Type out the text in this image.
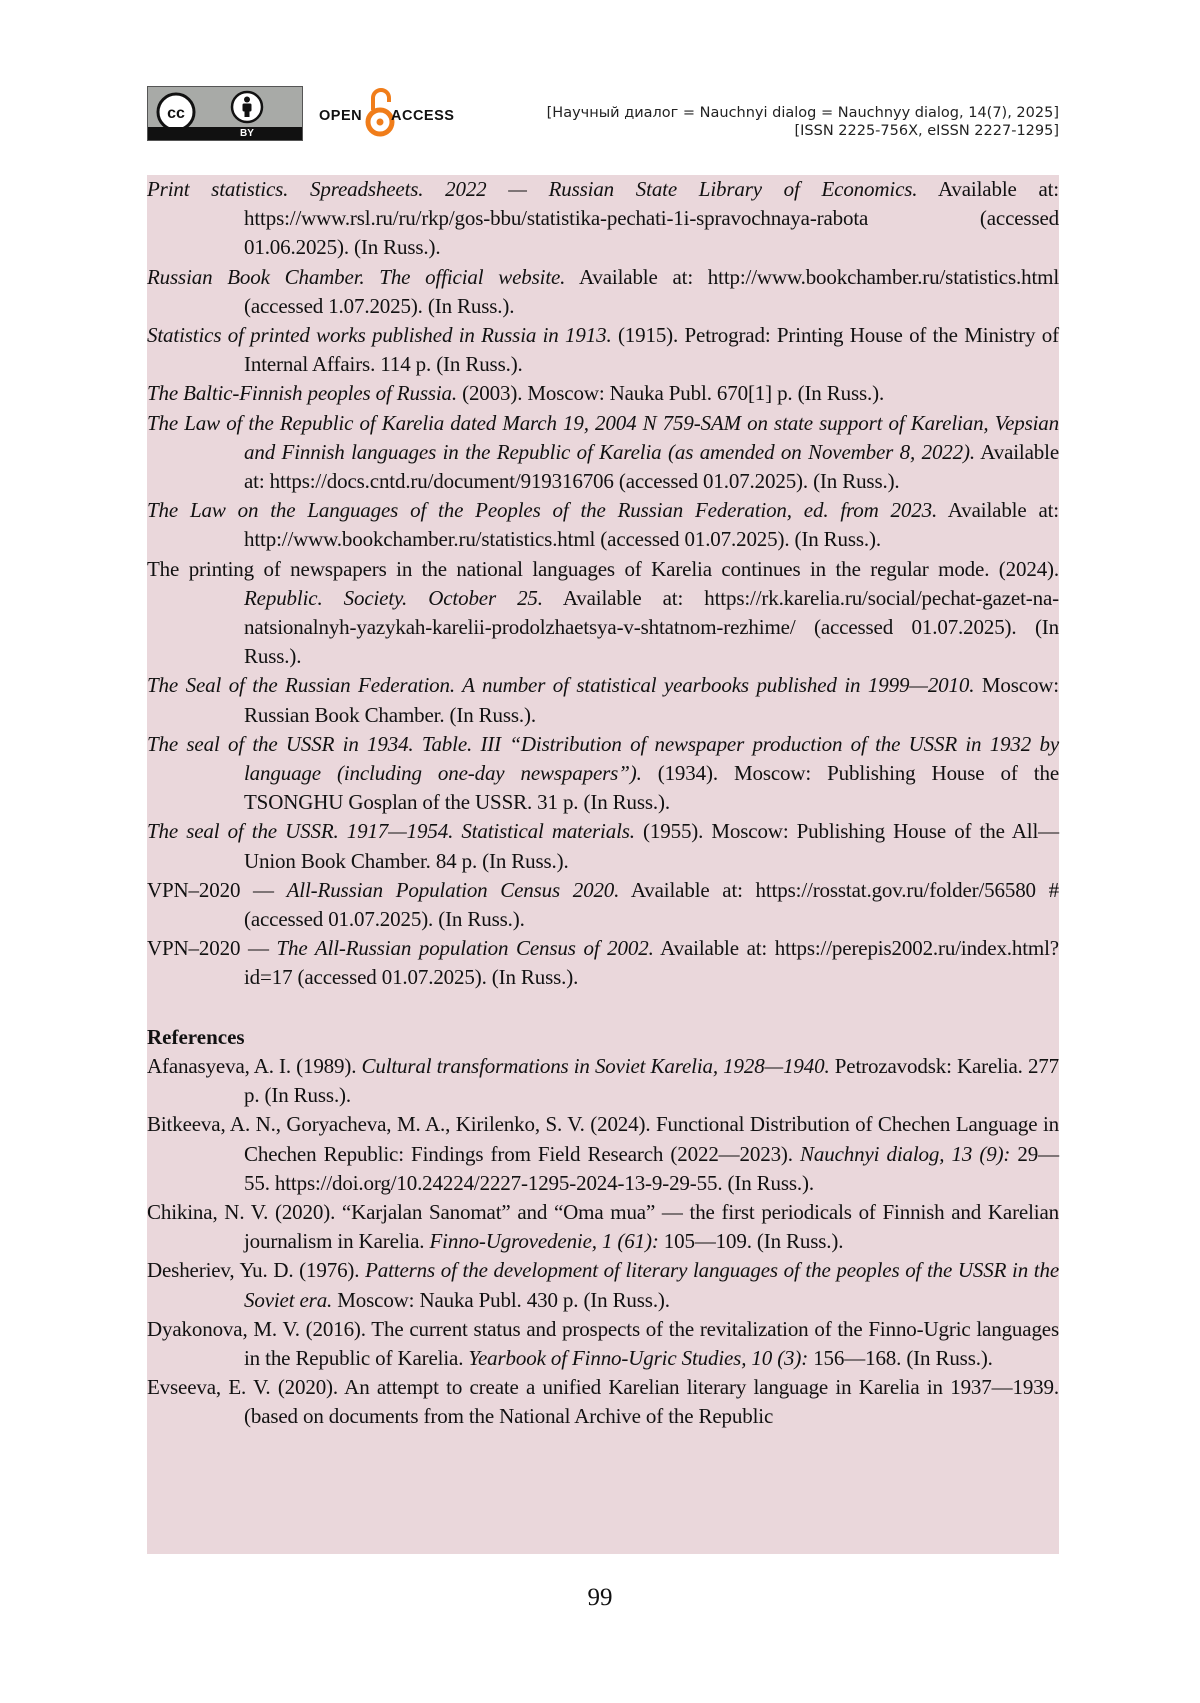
cc
BY
OPEN ACCESS	[Научный диалог = Nauchnyi dialog = Nauchnyy dialog, 14(7), 2025]
[ISSN 2225-756X, eISSN 2227-1295]

Print statistics. Spreadsheets. 2022 — Russian State Library of Economics. Available at: https://www.rsl.ru/ru/rkp/gos-bbu/statistika-pechati-1i-spravochnaya-rabota (accessed 01.06.2025). (In Russ.).

Russian Book Chamber. The official website. Available at: http://www.bookchamber.ru/statistics.html (accessed 1.07.2025). (In Russ.).

Statistics of printed works published in Russia in 1913. (1915). Petrograd: Printing House of the Ministry of Internal Affairs. 114 p. (In Russ.).

The Baltic-Finnish peoples of Russia. (2003). Moscow: Nauka Publ. 670[1] p. (In Russ.).

The Law of the Republic of Karelia dated March 19, 2004 N 759-SAM on state support of Karelian, Vepsian and Finnish languages in the Republic of Karelia (as amended on November 8, 2022). Available at: https://docs.cntd.ru/document/919316706 (accessed 01.07.2025). (In Russ.).

The Law on the Languages of the Peoples of the Russian Federation, ed. from 2023. Available at: http://www.bookchamber.ru/statistics.html (accessed 01.07.2025). (In Russ.).

The printing of newspapers in the national languages of Karelia continues in the regular mode. (2024). Republic. Society. October 25. Available at: https://rk.karelia.ru/social/pechat-gazet-na-natsionalnyh-yazykah-karelii-prodolzhaetsya-v-shtatnom-rezhime/ (accessed 01.07.2025). (In Russ.).

The Seal of the Russian Federation. A number of statistical yearbooks published in 1999—2010. Moscow: Russian Book Chamber. (In Russ.).

The seal of the USSR in 1934. Table. III “Distribution of newspaper production of the USSR in 1932 by language (including one-day newspapers”). (1934). Moscow: Publishing House of the TSONGHU Gosplan of the USSR. 31 p. (In Russ.).

The seal of the USSR. 1917—1954. Statistical materials. (1955). Moscow: Publishing House of the All—Union Book Chamber. 84 p. (In Russ.).

VPN–2020 — All-Russian Population Census 2020. Available at: https://rosstat.gov.ru/folder/56580 # (accessed 01.07.2025). (In Russ.).

VPN–2020 — The All-Russian population Census of 2002. Available at: https://perepis2002.ru/index.html?id=17 (accessed 01.07.2025). (In Russ.).

References

Afanasyeva, A. I. (1989). Cultural transformations in Soviet Karelia, 1928—1940. Petrozavodsk: Karelia. 277 p. (In Russ.).

Bitkeeva, A. N., Goryacheva, M. A., Kirilenko, S. V. (2024). Functional Distribution of Chechen Language in Chechen Republic: Findings from Field Research (2022—2023). Nauchnyi dialog, 13 (9): 29—55. https://doi.org/10.24224/2227-1295-2024-13-9-29-55. (In Russ.).

Chikina, N. V. (2020). “Karjalan Sanomat” and “Oma mua” — the first periodicals of Finnish and Karelian journalism in Karelia. Finno-Ugrovedenie, 1 (61): 105—109. (In Russ.).

Desheriev, Yu. D. (1976). Patterns of the development of literary languages of the peoples of the USSR in the Soviet era. Moscow: Nauka Publ. 430 p. (In Russ.).

Dyakonova, M. V. (2016). The current status and prospects of the revitalization of the Finno-Ugric languages in the Republic of Karelia. Yearbook of Finno-Ugric Studies, 10 (3): 156—168. (In Russ.).

Evseeva, E. V. (2020). An attempt to create a unified Karelian literary language in Karelia in 1937—1939. (based on documents from the National Archive of the Republic

99
